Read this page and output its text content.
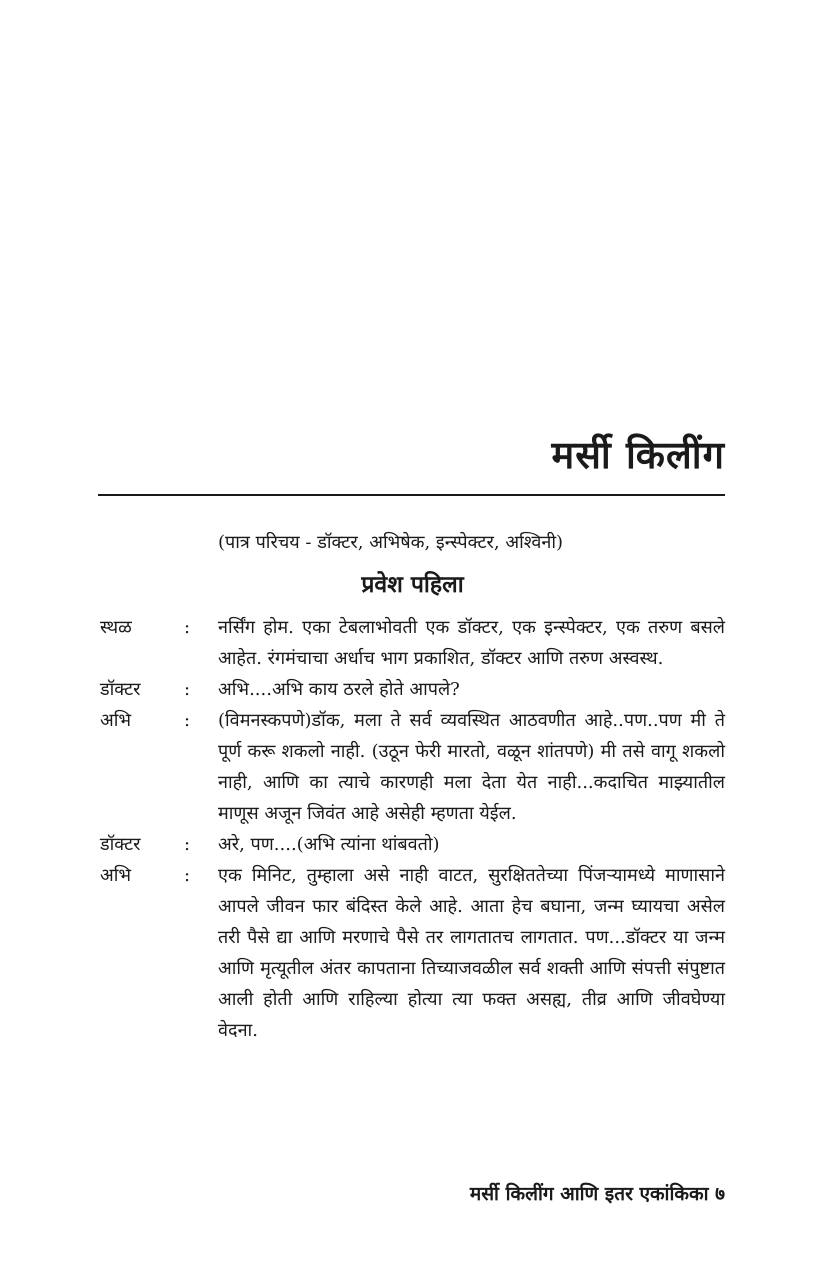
मर्सी किलींग
(पात्र परिचय - डॉक्टर, अभिषेक, इन्स्पेक्टर, अश्विनी)
प्रवेश पहिला
स्थळ	:	नर्सिंग होम. एका टेबलाभोवती एक डॉक्टर, एक इन्स्पेक्टर, एक तरुण बसले आहेत. रंगमंचाचा अर्धाच भाग प्रकाशित, डॉक्टर आणि तरुण अस्वस्थ.
डॉक्टर	:	अभि....अभि काय ठरले होते आपले?
अभि	:	(विमनस्कपणे)डॉक, मला ते सर्व व्यवस्थित आठवणीत आहे..पण..पण मी ते पूर्ण करू शकलो नाही. (उठून फेरी मारतो, वळून शांतपणे) मी तसे वागू शकलो नाही, आणि का त्याचे कारणही मला देता येत नाही...कदाचित माझ्यातील माणूस अजून जिवंत आहे असेही म्हणता येईल.
डॉक्टर	:	अरे, पण....(अभि त्यांना थांबवतो)
अभि	:	एक मिनिट, तुम्हाला असे नाही वाटत, सुरक्षिततेच्या पिंजऱ्यामध्ये माणासाने आपले जीवन फार बंदिस्त केले आहे. आता हेच बघाना, जन्म घ्यायचा असेल तरी पैसे द्या आणि मरणाचे पैसे तर लागतातच लागतात. पण...डॉक्टर या जन्म आणि मृत्यूतील अंतर कापताना तिच्याजवळील सर्व शक्ती आणि संपत्ती संपुष्टात आली होती आणि राहिल्या होत्या त्या फक्त असह्य, तीव्र आणि जीवघेण्या वेदना.
मर्सी किलींग आणि इतर एकांकिका ७
